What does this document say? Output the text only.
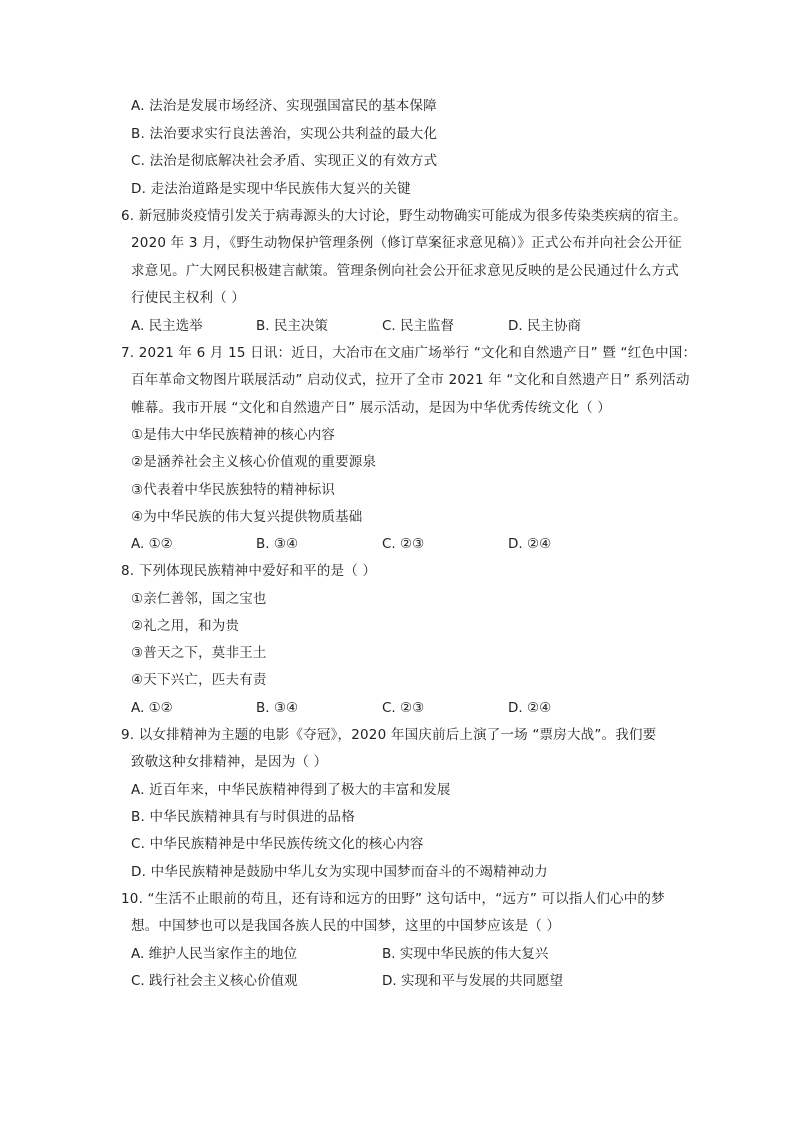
A. 法治是发展市场经济、实现强国富民的基本保障
B. 法治要求实行良法善治，实现公共利益的最大化
C. 法治是彻底解决社会矛盾、实现正义的有效方式
D. 走法治道路是实现中华民族伟大复兴的关键
6. 新冠肺炎疫情引发关于病毒源头的大讨论，野生动物确实可能成为很多传染类疾病的宿主。
2020 年 3 月，《野生动物保护管理条例（修订草案征求意见稿）》正式公布并向社会公开征
求意见。广大网民积极建言献策。管理条例向社会公开征求意见反映的是公民通过什么方式
行使民主权利（ ）
A. 民主选举	B. 民主决策	C. 民主监督	D. 民主协商
7. 2021 年 6 月 15 日讯：近日，大冶市在文庙广场举行 “文化和自然遗产日” 暨 “红色中国：
百年革命文物图片联展活动” 启动仪式，拉开了全市 2021 年 “文化和自然遗产日” 系列活动
帷幕。我市开展 “文化和自然遗产日” 展示活动，是因为中华优秀传统文化（ ）
①是伟大中华民族精神的核心内容
②是涵养社会主义核心价值观的重要源泉
③代表着中华民族独特的精神标识
④为中华民族的伟大复兴提供物质基础
A. ①②	B. ③④	C. ②③	D. ②④
8. 下列体现民族精神中爱好和平的是（ ）
①亲仁善邻，国之宝也
②礼之用，和为贵
③普天之下，莫非王土
④天下兴亡，匹夫有责
A. ①②	B. ③④	C. ②③	D. ②④
9. 以女排精神为主题的电影《夺冠》，2020 年国庆前后上演了一场 “票房大战”。我们要
致敬这种女排精神，是因为（ ）
A. 近百年来，中华民族精神得到了极大的丰富和发展
B. 中华民族精神具有与时俱进的品格
C. 中华民族精神是中华民族传统文化的核心内容
D. 中华民族精神是鼓励中华儿女为实现中国梦而奋斗的不竭精神动力
10. “生活不止眼前的苟且，还有诗和远方的田野” 这句话中，“远方” 可以指人们心中的梦
想。中国梦也可以是我国各族人民的中国梦，这里的中国梦应该是（ ）
A. 维护人民当家作主的地位	B. 实现中华民族的伟大复兴
C. 践行社会主义核心价值观	D. 实现和平与发展的共同愿望
